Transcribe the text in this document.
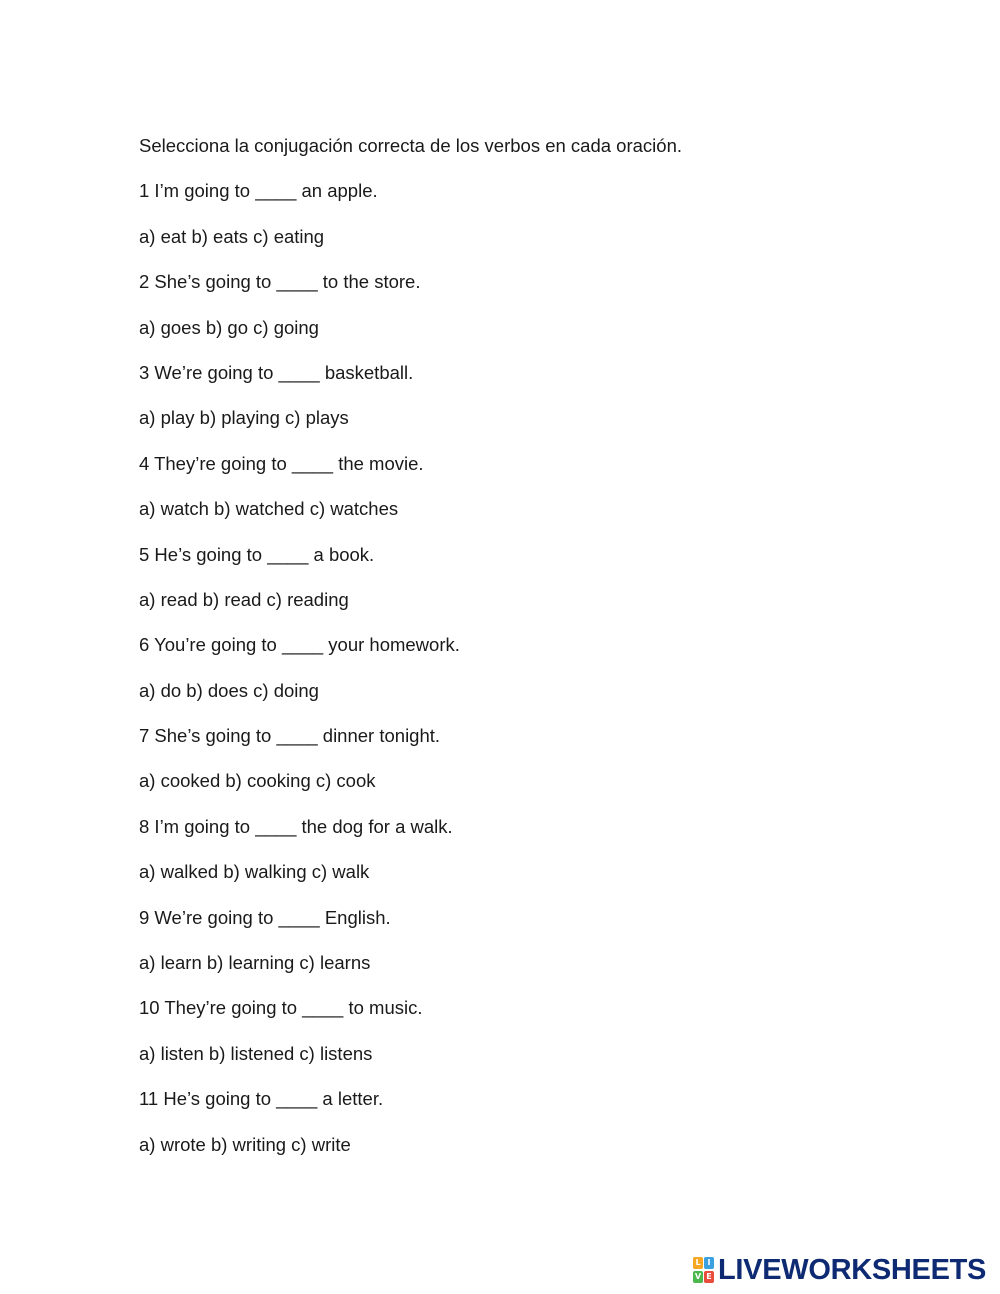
Selecciona la conjugación correcta de los verbos en cada oración.
1 I’m going to ____ an apple.
a) eat b) eats c) eating
2 She’s going to ____ to the store.
a) goes b) go c) going
3 We’re going to ____ basketball.
a) play b) playing c) plays
4 They’re going to ____ the movie.
a) watch b) watched c) watches
5 He’s going to ____ a book.
a) read b) read c) reading
6 You’re going to ____ your homework.
a) do b) does c) doing
7 She’s going to ____ dinner tonight.
a) cooked b) cooking c) cook
8 I’m going to ____ the dog for a walk.
a) walked b) walking c) walk
9 We’re going to ____ English.
a) learn b) learning c) learns
10 They’re going to ____ to music.
a) listen b) listened c) listens
11 He’s going to ____ a letter.
a) wrote b) writing c) write
L I
V E LIVEWORKSHEETS
